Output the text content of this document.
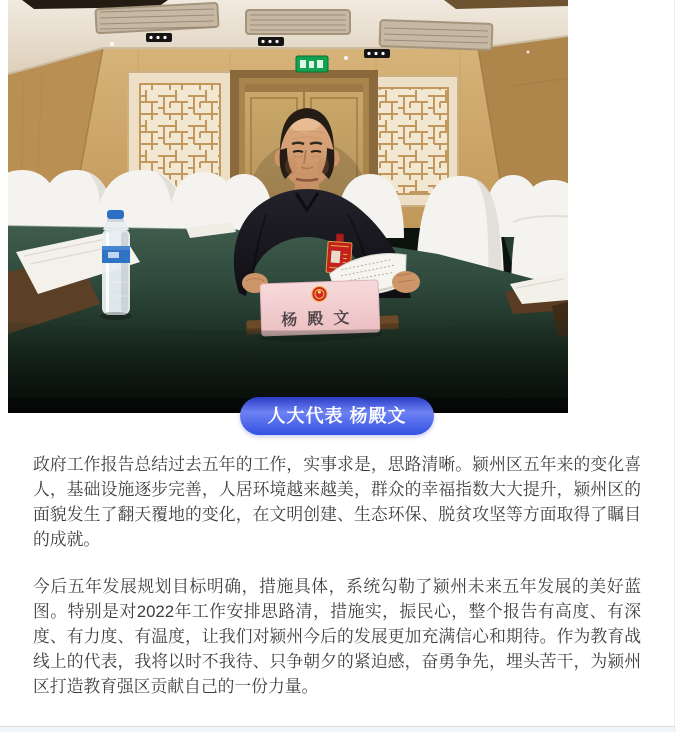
杨殿文
人大代表 杨殿文

政府工作报告总结过去五年的工作，实事求是，思路清晰。颍州区五年来的变化喜人，基础设施逐步完善，人居环境越来越美，群众的幸福指数大大提升，颍州区的面貌发生了翻天覆地的变化，在文明创建、生态环保、脱贫攻坚等方面取得了瞩目的成就。

今后五年发展规划目标明确，措施具体，系统勾勒了颍州未来五年发展的美好蓝图。特别是对2022年工作安排思路清，措施实，振民心，整个报告有高度、有深度、有力度、有温度，让我们对颍州今后的发展更加充满信心和期待。作为教育战线上的代表，我将以时不我待、只争朝夕的紧迫感，奋勇争先，埋头苦干，为颍州区打造教育强区贡献自己的一份力量。
